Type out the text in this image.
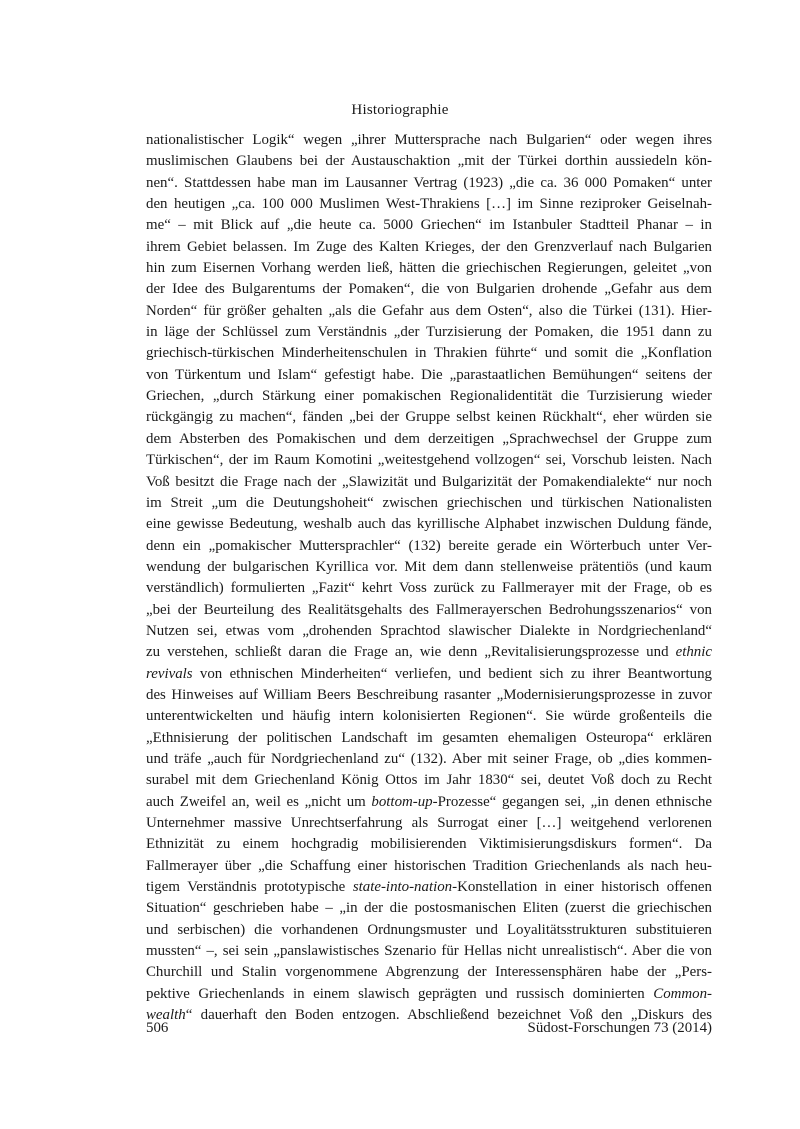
Historiographie
nationalistischer Logik“ wegen „ihrer Muttersprache nach Bulgarien“ oder wegen ihres
muslimischen Glaubens bei der Austauschaktion „mit der Türkei dorthin aussiedeln kön-
nen“. Stattdessen habe man im Lausanner Vertrag (1923) „die ca. 36 000 Pomaken“ unter
den heutigen „ca. 100 000 Muslimen West-Thrakiens […] im Sinne reziproker Geiselnah-
me“ – mit Blick auf „die heute ca. 5000 Griechen“ im Istanbuler Stadtteil Phanar – in
ihrem Gebiet belassen. Im Zuge des Kalten Krieges, der den Grenzverlauf nach Bulgarien
hin zum Eisernen Vorhang werden ließ, hätten die griechischen Regierungen, geleitet „von
der Idee des Bulgarentums der Pomaken“, die von Bulgarien drohende „Gefahr aus dem
Norden“ für größer gehalten „als die Gefahr aus dem Osten“, also die Türkei (131). Hier-
in läge der Schlüssel zum Verständnis „der Turzisierung der Pomaken, die 1951 dann zu
griechisch-türkischen Minderheitenschulen in Thrakien führte“ und somit die „Konflation
von Türkentum und Islam“ gefestigt habe. Die „parastaatlichen Bemühungen“ seitens der
Griechen, „durch Stärkung einer pomakischen Regionalidentität die Turzisierung wieder
rückgängig zu machen“, fänden „bei der Gruppe selbst keinen Rückhalt“, eher würden sie
dem Absterben des Pomakischen und dem derzeitigen „Sprachwechsel der Gruppe zum
Türkischen“, der im Raum Komotini „weitestgehend vollzogen“ sei, Vorschub leisten. Nach
Voß besitzt die Frage nach der „Slawizität und Bulgarizität der Pomakendialekte“ nur noch
im Streit „um die Deutungshoheit“ zwischen griechischen und türkischen Nationalisten
eine gewisse Bedeutung, weshalb auch das kyrillische Alphabet inzwischen Duldung fände,
denn ein „pomakischer Muttersprachler“ (132) bereite gerade ein Wörterbuch unter Ver-
wendung der bulgarischen Kyrillica vor. Mit dem dann stellenweise prätentiös (und kaum
verständlich) formulierten „Fazit“ kehrt Voss zurück zu Fallmerayer mit der Frage, ob es
„bei der Beurteilung des Realitätsgehalts des Fallmerayerschen Bedrohungsszenarios“ von
Nutzen sei, etwas vom „drohenden Sprachtod slawischer Dialekte in Nordgriechenland“
zu verstehen, schließt daran die Frage an, wie denn „Revitalisierungsprozesse und ethnic
revivals von ethnischen Minderheiten“ verliefen, und bedient sich zu ihrer Beantwortung
des Hinweises auf William Beers Beschreibung rasanter „Modernisierungsprozesse in zuvor
unterentwickelten und häufig intern kolonisierten Regionen“. Sie würde großenteils die
„Ethnisierung der politischen Landschaft im gesamten ehemaligen Osteuropa“ erklären
und träfe „auch für Nordgriechenland zu“ (132). Aber mit seiner Frage, ob „dies kommen-
surabel mit dem Griechenland König Ottos im Jahr 1830“ sei, deutet Voß doch zu Recht
auch Zweifel an, weil es „nicht um bottom-up-Prozesse“ gegangen sei, „in denen ethnische
Unternehmer massive Unrechtserfahrung als Surrogat einer […] weitgehend verlorenen
Ethnizität zu einem hochgradig mobilisierenden Viktimisierungsdiskurs formen“. Da
Fallmerayer über „die Schaffung einer historischen Tradition Griechenlands als nach heu-
tigem Verständnis prototypische state-into-nation-Konstellation in einer historisch offenen
Situation“ geschrieben habe – „in der die postosmanischen Eliten (zuerst die griechischen
und serbischen) die vorhandenen Ordnungsmuster und Loyalitätsstrukturen substituieren
mussten“ –, sei sein „panslawistisches Szenario für Hellas nicht unrealistisch“. Aber die von
Churchill und Stalin vorgenommene Abgrenzung der Interessensphären habe der „Pers-
pektive Griechenlands in einem slawisch geprägten und russisch dominierten Common-
wealth“ dauerhaft den Boden entzogen. Abschließend bezeichnet Voß den „Diskurs des
506	Südost-Forschungen 73 (2014)
